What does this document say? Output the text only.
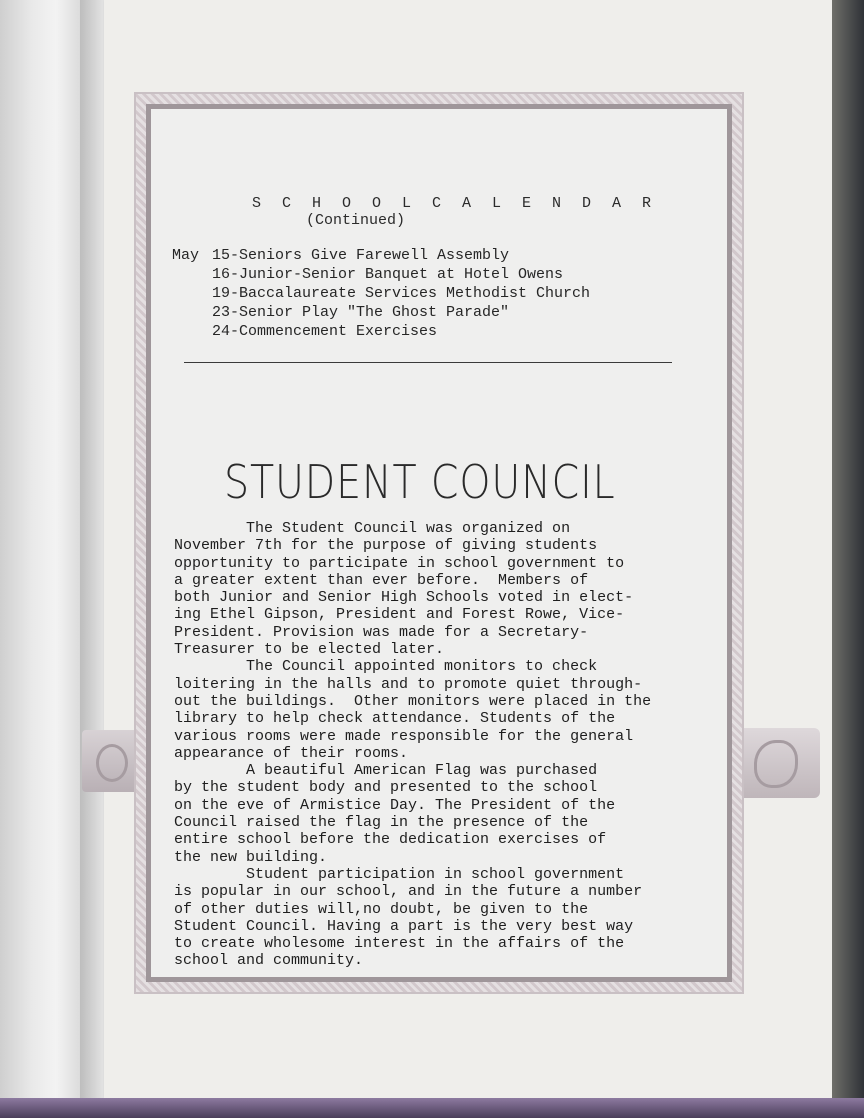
S C H O O L C A L E N D A R
(Continued)
May 15-Seniors Give Farewell Assembly
16-Junior-Senior Banquet at Hotel Owens
19-Baccalaureate Services Methodist Church
23-Senior Play "The Ghost Parade"
24-Commencement Exercises
STUDENT COUNCIL

The Student Council was organized on

November 7th for the purpose of giving students

opportunity to participate in school government to

a greater extent than ever before.  Members of

both Junior and Senior High Schools voted in elect-

ing Ethel Gipson, President and Forest Rowe, Vice-

President. Provision was made for a Secretary-

Treasurer to be elected later.

The Council appointed monitors to check

loitering in the halls and to promote quiet through-

out the buildings.  Other monitors were placed in the

library to help check attendance. Students of the

various rooms were made responsible for the general

appearance of their rooms.

A beautiful American Flag was purchased

by the student body and presented to the school

on the eve of Armistice Day. The President of the

Council raised the flag in the presence of the

entire school before the dedication exercises of

the new building.

Student participation in school government

is popular in our school, and in the future a number

of other duties will,no doubt, be given to the

Student Council. Having a part is the very best way

to create wholesome interest in the affairs of the

school and community.
